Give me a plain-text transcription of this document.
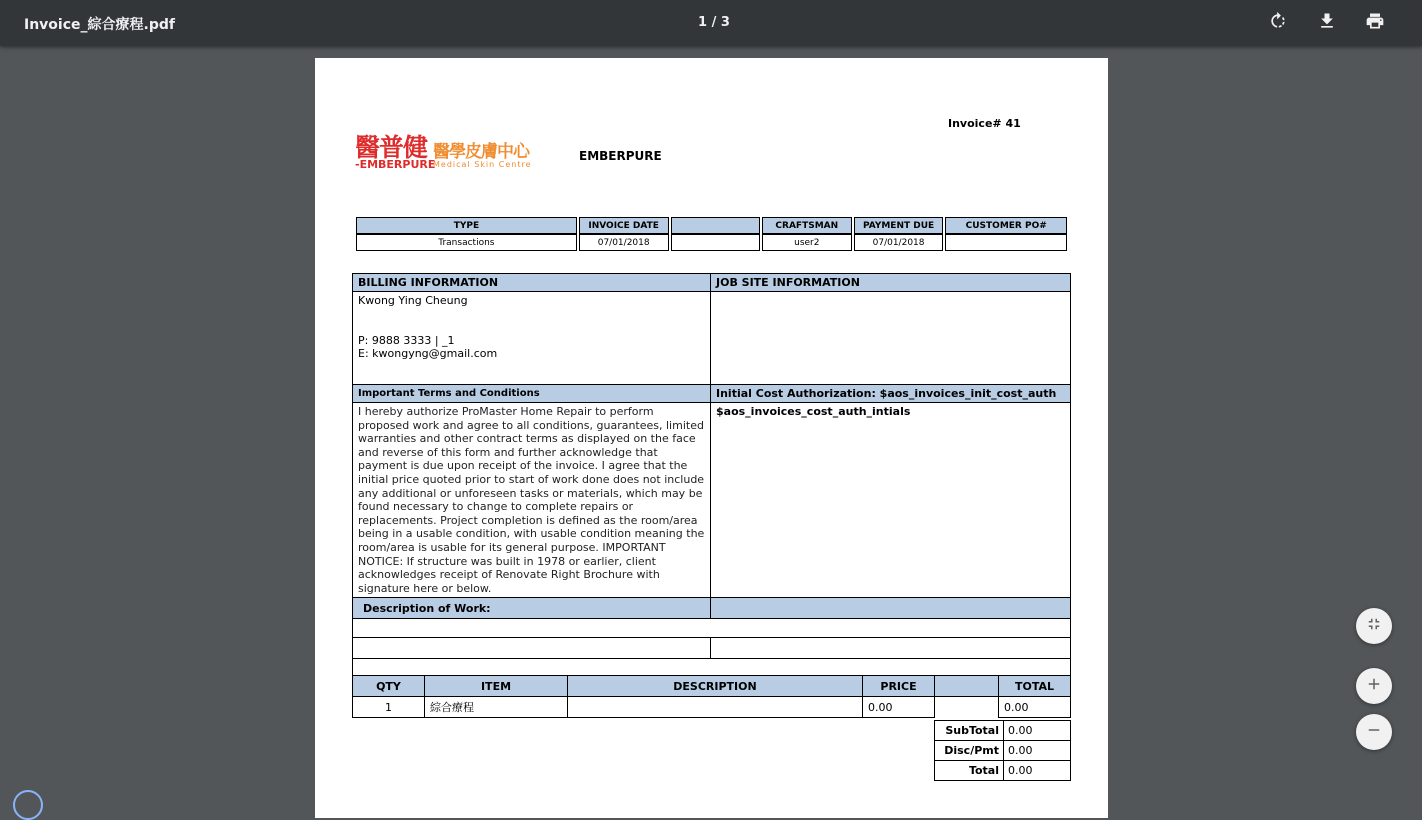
Invoice_綜合療程.pdf	1 / 3
醫普健 醫學皮膚中心
-EMBERPURE
Medical Skin Centre
Invoice# 41
EMBERPURE
TYPE	INVOICE DATE		CRAFTSMAN	PAYMENT DUE	CUSTOMER PO#
Transactions	07/01/2018		user2	07/01/2018	
BILLING INFORMATION	JOB SITE INFORMATION

Kwong Ying Cheung
P: 9888 3333 | _1
E: kwongyng@gmail.com	

Important Terms and Conditions	Initial Cost Authorization: $aos_invoices_init_cost_auth
I hereby authorize ProMaster Home Repair to perform proposed work and agree to all conditions, guarantees, limited warranties and other contract terms as displayed on the face and reverse of this form and further acknowledge that payment is due upon receipt of the invoice. I agree that the initial price quoted prior to start of work done does not include any additional or unforeseen tasks or materials, which may be found necessary to change to complete repairs or replacements. Project completion is defined as the room/area being in a usable condition, with usable condition meaning the room/area is usable for its general purpose. IMPORTANT NOTICE: If structure was built in 1978 or earlier, client acknowledges receipt of Renovate Right Brochure with signature here or below.	$aos_invoices_cost_auth_intials
Description of Work:	

QTY	ITEM	DESCRIPTION	PRICE		TOTAL
1	綜合療程		0.00		0.00
SubTotal	0.00
Disc/Pmt	0.00
Total	0.00
